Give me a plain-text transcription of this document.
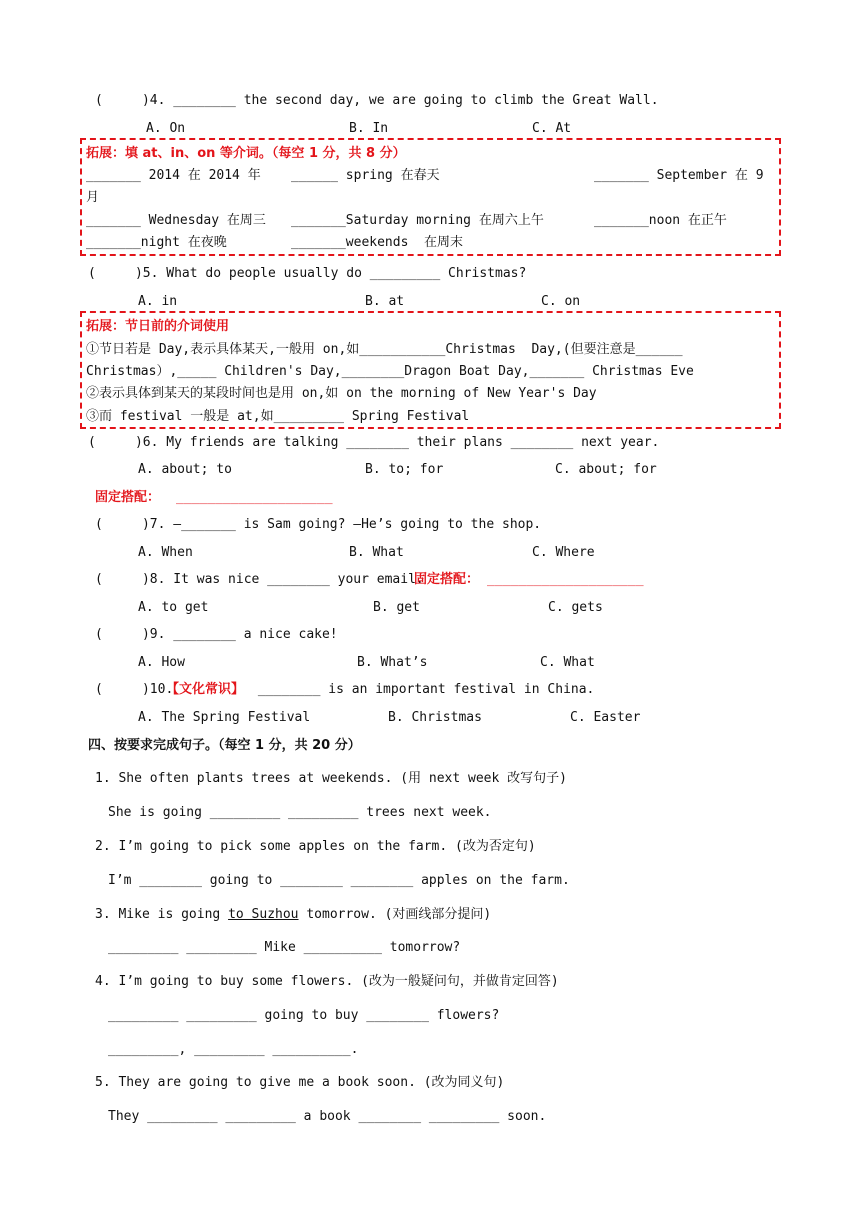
(     )4. ________ the second day, we are going to climb the Great Wall.
A. On	B. In	C. At
拓展：填 at、in、on 等介词。（每空 1 分，共 8 分）
_______ 2014 在 2014 年 ______ spring 在春天	_______ September 在 9
月
_______ Wednesday 在周三 _______Saturday morning 在周六上午	_______noon 在正午
_______night 在夜晚	_______weekends  在周末
(     )5. What do people usually do _________ Christmas?
A. in	B. at	C. on
拓展：节日前的介词使用
①节日若是 Day,表示具体某天,一般用 on,如___________Christmas  Day,(但要注意是______
Christmas）,_____ Children's Day,________Dragon Boat Day,_______ Christmas Eve
②表示具体到某天的某段时间也是用 on,如 on the morning of New Year's Day
③而 festival 一般是 at,如_________ Spring Festival
(     )6. My friends are talking ________ their plans ________ next year.
A. about; to	B. to; for	C. about; for
固定搭配： ____________________
(     )7. —_______ is Sam going? —He’s going to the shop.
A. When	B. What	C. Where
(     )8. It was nice ________ your email.
固定搭配： ____________________
A. to get	B. get	C. gets
(     )9. ________ a nice cake!
A. How	B. What’s	C. What
(     )10.
【文化常识】 ________ is an important festival in China.
A. The Spring Festival	B. Christmas	C. Easter
四、按要求完成句子。（每空 1 分，共 20 分）
1. She often plants trees at weekends. (用 next week 改写句子)
She is going _________ _________ trees next week.
2. I’m going to pick some apples on the farm. (改为否定句)
I’m ________ going to ________ ________ apples on the farm.
3. Mike is going to Suzhou tomorrow. (对画线部分提问)
_________ _________ Mike __________ tomorrow?
4. I’m going to buy some flowers. (改为一般疑问句，并做肯定回答)
_________ _________ going to buy ________ flowers?
_________, _________ __________.
5. They are going to give me a book soon. (改为同义句)
They _________ _________ a book ________ _________ soon.
